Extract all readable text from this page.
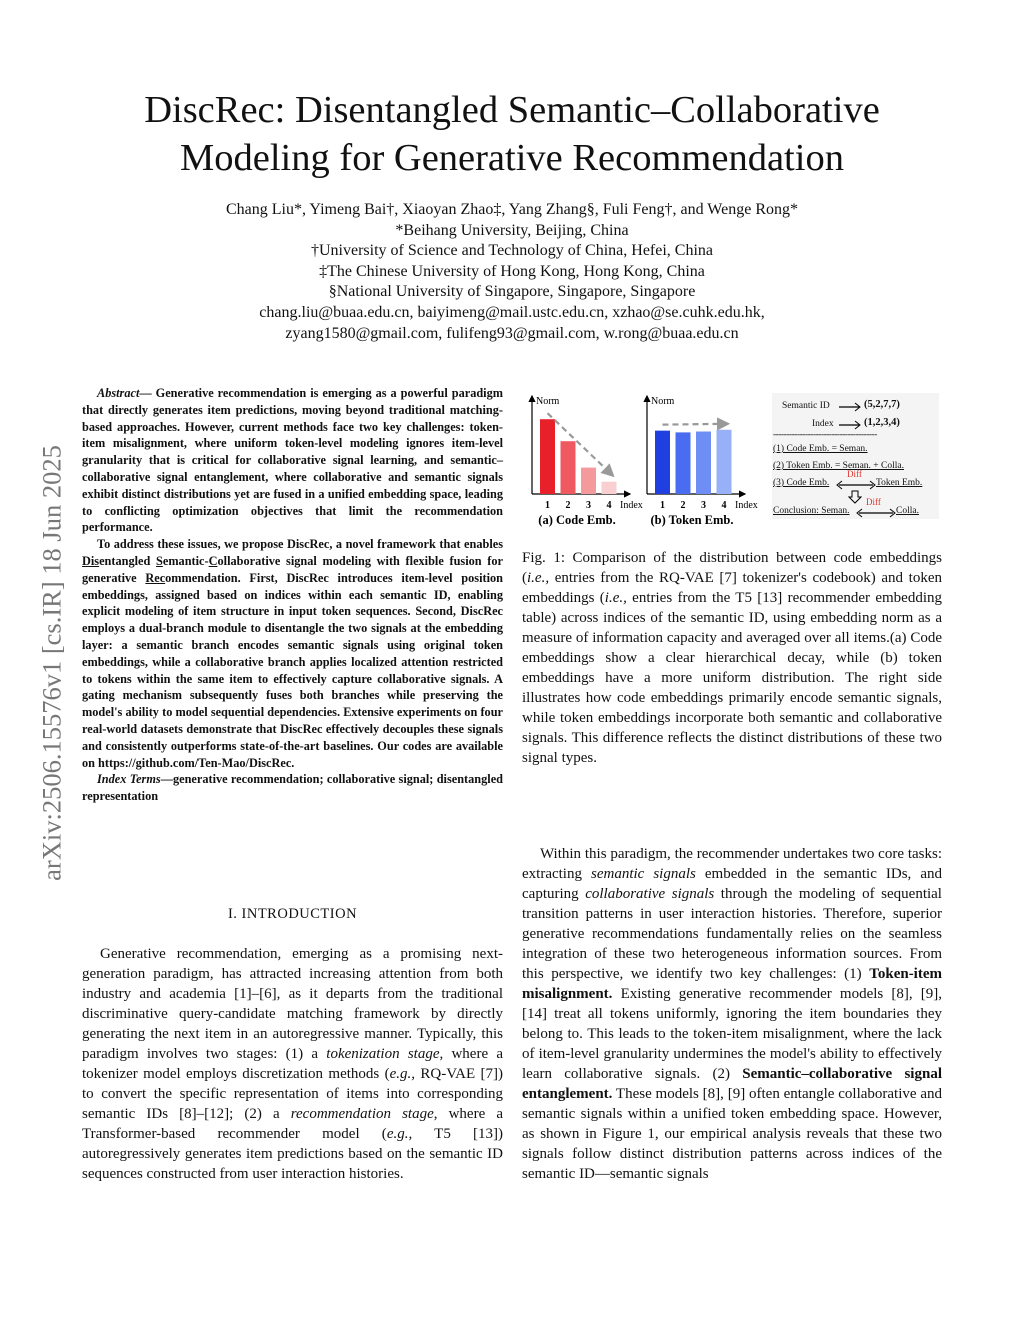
arXiv:2506.15576v1 [cs.IR] 18 Jun 2025
DiscRec: Disentangled Semantic–Collaborative
Modeling for Generative Recommendation
Chang Liu*, Yimeng Bai†, Xiaoyan Zhao‡, Yang Zhang§, Fuli Feng†, and Wenge Rong*
*Beihang University, Beijing, China
†University of Science and Technology of China, Hefei, China
‡The Chinese University of Hong Kong, Hong Kong, China
§National University of Singapore, Singapore, Singapore
chang.liu@buaa.edu.cn, baiyimeng@mail.ustc.edu.cn, xzhao@se.cuhk.edu.hk,
zyang1580@gmail.com, fulifeng93@gmail.com, w.rong@buaa.edu.cn

Abstract— Generative recommendation is emerging as a powerful paradigm that directly generates item predictions, moving beyond traditional matching-based approaches. However, current methods face two key challenges: token-item misalignment, where uniform token-level modeling ignores item-level granularity that is critical for collaborative signal learning, and semantic–collaborative signal entanglement, where collaborative and semantic signals exhibit distinct distributions yet are fused in a unified embedding space, leading to conflicting optimization objectives that limit the recommendation performance.

To address these issues, we propose DiscRec, a novel framework that enables Disentangled Semantic-Collaborative signal modeling with flexible fusion for generative Recommendation. First, DiscRec introduces item-level position embeddings, assigned based on indices within each semantic ID, enabling explicit modeling of item structure in input token sequences. Second, DiscRec employs a dual-branch module to disentangle the two signals at the embedding layer: a semantic branch encodes semantic signals using original token embeddings, while a collaborative branch applies localized attention restricted to tokens within the same item to effectively capture collaborative signals. A gating mechanism subsequently fuses both branches while preserving the model's ability to model sequential dependencies. Extensive experiments on four real-world datasets demonstrate that DiscRec effectively decouples these signals and consistently outperforms state-of-the-art baselines. Our codes are available on https://github.com/Ten-Mao/DiscRec.

Index Terms—generative recommendation; collaborative signal; disentangled representation

I. INTRODUCTION

Generative recommendation, emerging as a promising next-generation paradigm, has attracted increasing attention from both industry and academia [1]–[6], as it departs from the traditional discriminative query-candidate matching framework by directly generating the next item in an autoregressive manner. Typically, this paradigm involves two stages: (1) a tokenization stage, where a tokenizer model employs discretization methods (e.g., RQ-VAE [7]) to convert the specific representation of items into corresponding semantic IDs [8]–[12]; (2) a recommendation stage, where a Transformer-based recommender model (e.g., T5 [13]) autoregressively generates item predictions based on the semantic ID sequences constructed from user interaction histories.

Norm
Index
1 2 3 4
(a) Code Emb.
Norm
Index
1 2 3 4
(b) Token Emb.
Semantic ID	(5,2,7,7)
Index	(1,2,3,4)
---------------------------------------
(1) Code Emb. = Seman.
(2) Token Emb. = Seman. + Colla.
(3) Code Emb.
Diff
Token Emb.
Conclusion: Seman.
Diff
Colla.

Fig. 1: Comparison of the distribution between code embeddings (i.e., entries from the RQ-VAE [7] tokenizer's codebook) and token embeddings (i.e., entries from the T5 [13] recommender embedding table) across indices of the semantic ID, using embedding norm as a measure of information capacity and averaged over all items.(a) Code embeddings show a clear hierarchical decay, while (b) token embeddings have a more uniform distribution. The right side illustrates how code embeddings primarily encode semantic signals, while token embeddings incorporate both semantic and collaborative signals. This difference reflects the distinct distributions of these two signal types.

Within this paradigm, the recommender undertakes two core tasks: extracting semantic signals embedded in the semantic IDs, and capturing collaborative signals through the modeling of sequential transition patterns in user interaction histories. Therefore, superior generative recommendations fundamentally relies on the seamless integration of these two heterogeneous information sources. From this perspective, we identify two key challenges: (1) Token-item misalignment. Existing generative recommender models [8], [9], [14] treat all tokens uniformly, ignoring the item boundaries they belong to. This leads to the token-item misalignment, where the lack of item-level granularity undermines the model's ability to effectively learn collaborative signals. (2) Semantic–collaborative signal entanglement. These models [8], [9] often entangle collaborative and semantic signals within a unified token embedding space. However, as shown in Figure 1, our empirical analysis reveals that these two signals follow distinct distribution patterns across indices of the semantic ID—semantic signals
